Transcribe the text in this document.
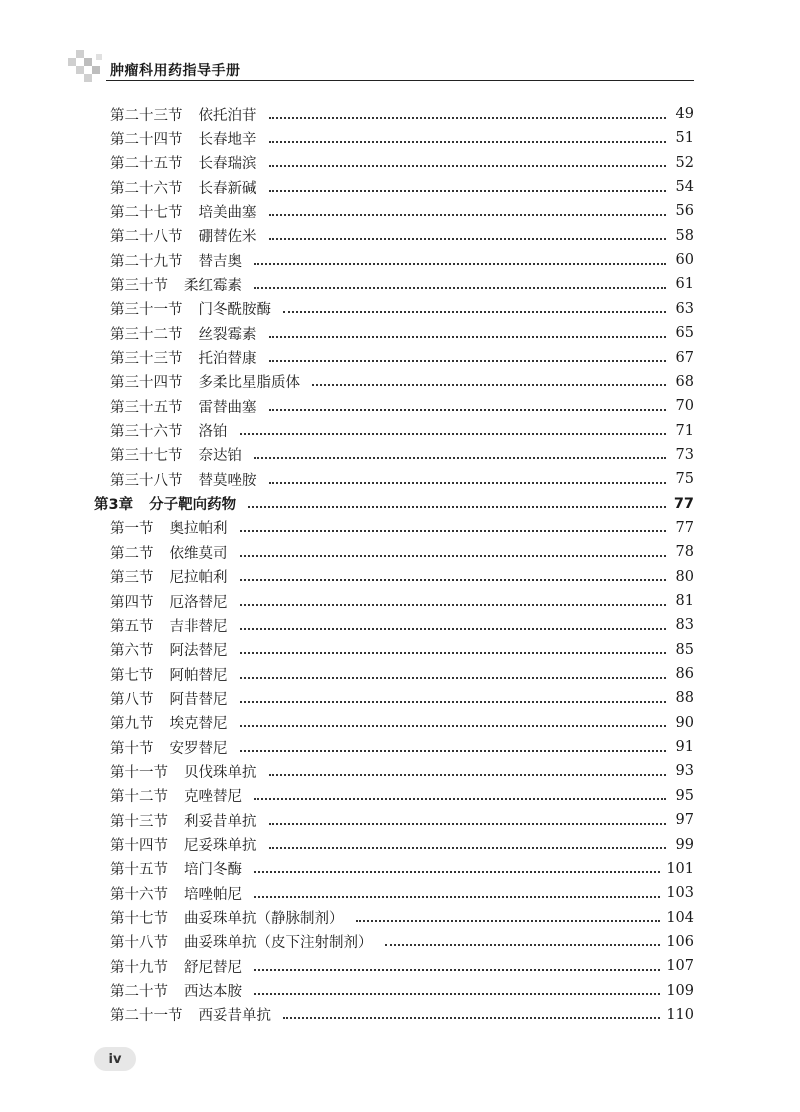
肿瘤科用药指导手册
第二十三节 依托泊苷	49
第二十四节 长春地辛	51
第二十五节 长春瑞滨	52
第二十六节 长春新碱	54
第二十七节 培美曲塞	56
第二十八节 硼替佐米	58
第二十九节 替吉奥	60
第三十节 柔红霉素	61
第三十一节 门冬酰胺酶	63
第三十二节 丝裂霉素	65
第三十三节 托泊替康	67
第三十四节 多柔比星脂质体	68
第三十五节 雷替曲塞	70
第三十六节 洛铂	71
第三十七节 奈达铂	73
第三十八节 替莫唑胺	75
第3章 分子靶向药物	77
第一节 奥拉帕利	77
第二节 依维莫司	78
第三节 尼拉帕利	80
第四节 厄洛替尼	81
第五节 吉非替尼	83
第六节 阿法替尼	85
第七节 阿帕替尼	86
第八节 阿昔替尼	88
第九节 埃克替尼	90
第十节 安罗替尼	91
第十一节 贝伐珠单抗	93
第十二节 克唑替尼	95
第十三节 利妥昔单抗	97
第十四节 尼妥珠单抗	99
第十五节 培门冬酶	101
第十六节 培唑帕尼	103
第十七节 曲妥珠单抗（静脉制剂）	104
第十八节 曲妥珠单抗（皮下注射制剂）	106
第十九节 舒尼替尼	107
第二十节 西达本胺	109
第二十一节 西妥昔单抗	110
iv
